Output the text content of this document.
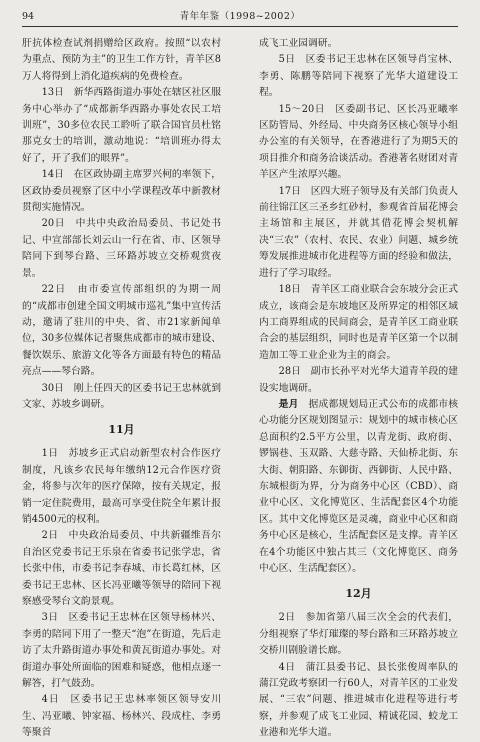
94	青年年鉴（1998~2002）

肝抗体检查试剂捐赠给区政府。按照“以农村为重点、预防为主”的卫生工作方针，青羊区8万人将得到上消化道疾病的免费检查。

13日　新华西路街道办事处在辖区社区服务中心举办了“成都新华西路办事处农民工培训班”，30多位农民工聆听了联合国官员杜铭那克女士的培训，激动地说：“培训班办得太好了，开了我们的眼界”。

14日　在区政协副主席罗兴柯的率领下，区政协委员视察了区中小学课程改革中新教材贯彻实施情况。

20日　中共中央政治局委员、书记处书记、中宣部部长刘云山一行在省、市、区领导陪同下到琴台路、三环路苏坡立交桥观赏夜景。

22日　由市委宣传部组织的为期一周的“成都市创建全国文明城市巡礼”集中宣传活动，邀请了驻川的中央、省、市21家新闻单位，30多位媒体记者聚焦成都市的城市建设、餐饮娱乐、旅游文化等各方面最有特色的精品亮点——琴台路。

30日　刚上任四天的区委书记王忠林就到文家、苏坡乡调研。

11月

1日　苏坡乡正式启动新型农村合作医疗制度，凡该乡农民每年缴纳12元合作医疗资金，将参与次年的医疗保障，按有关规定，报销一定住院费用，最高可享受住院全年累计报销4500元的权利。

2日　中央政治局委员、中共新疆维吾尔自治区党委书记王乐泉在省委书记张学忠，省长张中伟，市委书记李春城、市长葛红林，区委书记王忠林、区长冯亚曦等领导的陪同下视察感受琴台文韵景观。

3日　区委书记王忠林在区领导杨林兴、李勇的陪同下用了一整天“泡”在街道，先后走访了太升路街道办事处和黄瓦街道办事处。对街道办事处所面临的困难和疑惑，他相点逐一解答，打气鼓劲。

4日　区委书记王忠林率领区领导安川生、冯亚曦、钟家福、杨林兴、段成柱、李勇等聚首

成飞工业园调研。

5日　区委书记王忠林在区领导肖宝林、李勇、陈鹏等陪同下视察了光华大道建设工程。

15～20日　区委副书记、区长冯亚曦率区防管局、外经局、中央商务区核心领导小组办公室的有关领导，在香港进行了为期5天的项目推介和商务洽谈活动。香港著名财团对青羊区产生浓厚兴趣。

17日　区四大班子领导及有关部门负责人前往锦江区三圣乡红砂村，参观省首届花博会主场馆和主展区，并就其借花博会契机解决“三农”（农村、农民、农业）问题、城乡统筹发展推进城市化进程等方面的经验和做法，进行了学习取经。

18日　青羊区工商业联合会东坡分会正式成立，该商会是东坡地区及所界定的相邻区域内工商界组成的民间商会，是青羊区工商业联合会的基层组织，同时也是青羊区第一个以制造加工等工业企业为主的商会。

28日　副市长孙平对光华大道青羊段的建设实地调研。

是月　据成都规划局正式公布的成都市核心功能分区规划图显示：规划中的城市核心区总面积约2.5平方公里，以青龙街、政府街、锣锅巷、玉双路、大慈寺路、天仙桥北街、东大街、朝阳路、东御街、西御街、人民中路、东城根街为界，分为商务中心区（CBD）、商业中心区、文化博览区、生活配套区4个功能区。其中文化博览区是灵魂，商业中心区和商务中心区是核心，生活配套区是支撑。青羊区在4个功能区中独占其三（文化博览区、商务中心区、生活配套区）。

12月

2日　参加省第八届三次全会的代表们，分组视察了华灯璀璨的琴台路和三环路苏坡立交桥川剧脸谱长廊。

4日　蒲江县委书记、县长张俊周率队的蒲江党政考察团一行60人，对青羊区的工业发展、“三农”问题、推进城市化进程等进行考察，并参观了成飞工业园、精诚花园、蛟龙工业港和光华大道。
